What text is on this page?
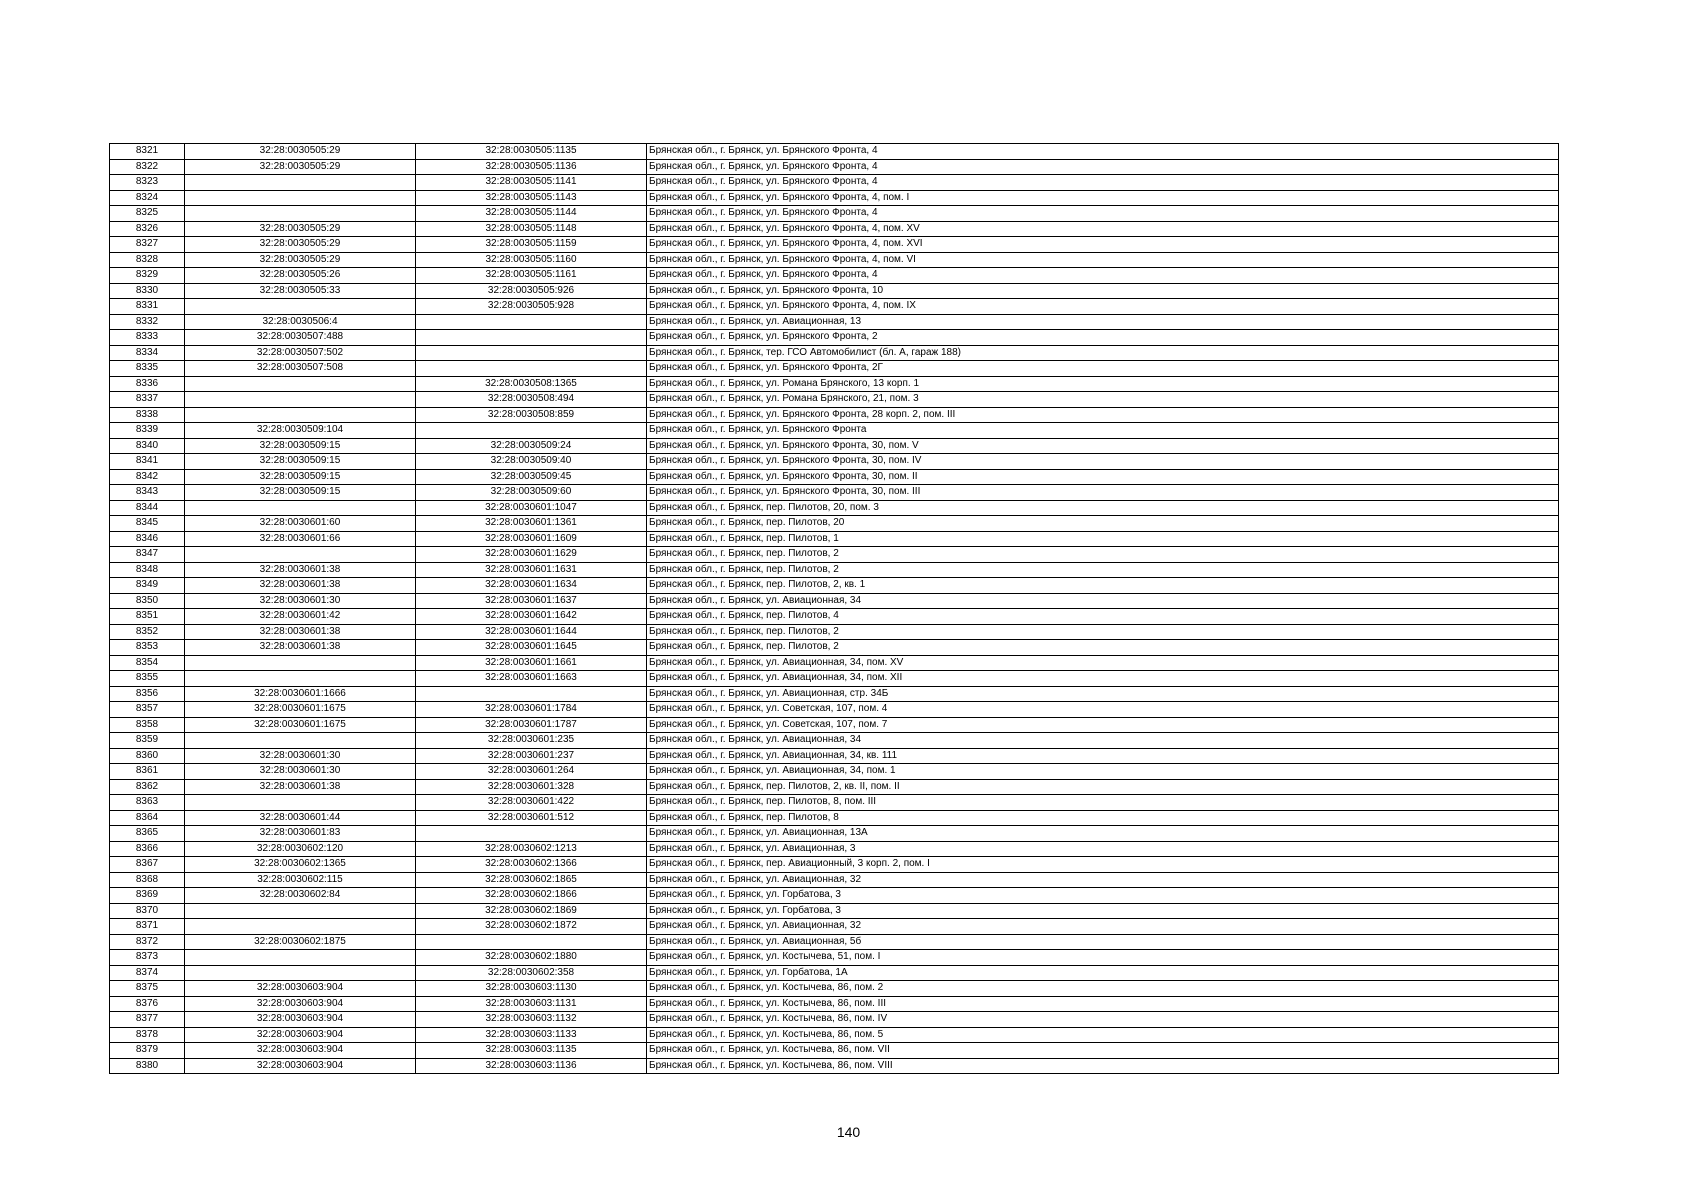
8321	32:28:0030505:29	32:28:0030505:1135	Брянская обл., г. Брянск, ул. Брянского Фронта, 4
8322	32:28:0030505:29	32:28:0030505:1136	Брянская обл., г. Брянск, ул. Брянского Фронта, 4
8323		32:28:0030505:1141	Брянская обл., г. Брянск, ул. Брянского Фронта, 4
8324		32:28:0030505:1143	Брянская обл., г. Брянск, ул. Брянского Фронта, 4, пом. I
8325		32:28:0030505:1144	Брянская обл., г. Брянск, ул. Брянского Фронта, 4
8326	32:28:0030505:29	32:28:0030505:1148	Брянская обл., г. Брянск, ул. Брянского Фронта, 4, пом. XV
8327	32:28:0030505:29	32:28:0030505:1159	Брянская обл., г. Брянск, ул. Брянского Фронта, 4, пом. XVI
8328	32:28:0030505:29	32:28:0030505:1160	Брянская обл., г. Брянск, ул. Брянского Фронта, 4, пом. VI
8329	32:28:0030505:26	32:28:0030505:1161	Брянская обл., г. Брянск, ул. Брянского Фронта, 4
8330	32:28:0030505:33	32:28:0030505:926	Брянская обл., г. Брянск, ул. Брянского Фронта, 10
8331		32:28:0030505:928	Брянская обл., г. Брянск, ул. Брянского Фронта, 4, пом. IX
8332	32:28:0030506:4		Брянская обл., г. Брянск, ул. Авиационная, 13
8333	32:28:0030507:488		Брянская обл., г. Брянск, ул. Брянского Фронта, 2
8334	32:28:0030507:502		Брянская обл., г. Брянск, тер. ГСО Автомобилист (бл. А, гараж 188)
8335	32:28:0030507:508		Брянская обл., г. Брянск, ул. Брянского Фронта, 2Г
8336		32:28:0030508:1365	Брянская обл., г. Брянск, ул. Романа Брянского, 13 корп. 1
8337		32:28:0030508:494	Брянская обл., г. Брянск, ул. Романа Брянского, 21, пом. 3
8338		32:28:0030508:859	Брянская обл., г. Брянск, ул. Брянского Фронта, 28 корп. 2, пом. III
8339	32:28:0030509:104		Брянская обл., г. Брянск, ул. Брянского Фронта
8340	32:28:0030509:15	32:28:0030509:24	Брянская обл., г. Брянск, ул. Брянского Фронта, 30, пом. V
8341	32:28:0030509:15	32:28:0030509:40	Брянская обл., г. Брянск, ул. Брянского Фронта, 30, пом. IV
8342	32:28:0030509:15	32:28:0030509:45	Брянская обл., г. Брянск, ул. Брянского Фронта, 30, пом. II
8343	32:28:0030509:15	32:28:0030509:60	Брянская обл., г. Брянск, ул. Брянского Фронта, 30, пом. III
8344		32:28:0030601:1047	Брянская обл., г. Брянск, пер. Пилотов, 20, пом. 3
8345	32:28:0030601:60	32:28:0030601:1361	Брянская обл., г. Брянск, пер. Пилотов, 20
8346	32:28:0030601:66	32:28:0030601:1609	Брянская обл., г. Брянск, пер. Пилотов, 1
8347		32:28:0030601:1629	Брянская обл., г. Брянск, пер. Пилотов, 2
8348	32:28:0030601:38	32:28:0030601:1631	Брянская обл., г. Брянск, пер. Пилотов, 2
8349	32:28:0030601:38	32:28:0030601:1634	Брянская обл., г. Брянск, пер. Пилотов, 2, кв. 1
8350	32:28:0030601:30	32:28:0030601:1637	Брянская обл., г. Брянск, ул. Авиационная, 34
8351	32:28:0030601:42	32:28:0030601:1642	Брянская обл., г. Брянск, пер. Пилотов, 4
8352	32:28:0030601:38	32:28:0030601:1644	Брянская обл., г. Брянск, пер. Пилотов, 2
8353	32:28:0030601:38	32:28:0030601:1645	Брянская обл., г. Брянск, пер. Пилотов, 2
8354		32:28:0030601:1661	Брянская обл., г. Брянск, ул. Авиационная, 34, пом. XV
8355		32:28:0030601:1663	Брянская обл., г. Брянск, ул. Авиационная, 34, пом. XII
8356	32:28:0030601:1666		Брянская обл., г. Брянск, ул. Авиационная, стр. 34Б
8357	32:28:0030601:1675	32:28:0030601:1784	Брянская обл., г. Брянск, ул. Советская, 107, пом. 4
8358	32:28:0030601:1675	32:28:0030601:1787	Брянская обл., г. Брянск, ул. Советская, 107, пом. 7
8359		32:28:0030601:235	Брянская обл., г. Брянск, ул. Авиационная, 34
8360	32:28:0030601:30	32:28:0030601:237	Брянская обл., г. Брянск, ул. Авиационная, 34, кв. 111
8361	32:28:0030601:30	32:28:0030601:264	Брянская обл., г. Брянск, ул. Авиационная, 34, пом. 1
8362	32:28:0030601:38	32:28:0030601:328	Брянская обл., г. Брянск, пер. Пилотов, 2, кв. II, пом. II
8363		32:28:0030601:422	Брянская обл., г. Брянск, пер. Пилотов, 8, пом. III
8364	32:28:0030601:44	32:28:0030601:512	Брянская обл., г. Брянск, пер. Пилотов, 8
8365	32:28:0030601:83		Брянская обл., г. Брянск, ул. Авиационная, 13А
8366	32:28:0030602:120	32:28:0030602:1213	Брянская обл., г. Брянск, ул. Авиационная, 3
8367	32:28:0030602:1365	32:28:0030602:1366	Брянская обл., г. Брянск, пер. Авиационный, 3 корп. 2, пом. I
8368	32:28:0030602:115	32:28:0030602:1865	Брянская обл., г. Брянск, ул. Авиационная, 32
8369	32:28:0030602:84	32:28:0030602:1866	Брянская обл., г. Брянск, ул. Горбатова, 3
8370		32:28:0030602:1869	Брянская обл., г. Брянск, ул. Горбатова, 3
8371		32:28:0030602:1872	Брянская обл., г. Брянск, ул. Авиационная, 32
8372	32:28:0030602:1875		Брянская обл., г. Брянск, ул. Авиационная, 5б
8373		32:28:0030602:1880	Брянская обл., г. Брянск, ул. Костычева, 51, пом. I
8374		32:28:0030602:358	Брянская обл., г. Брянск, ул. Горбатова, 1А
8375	32:28:0030603:904	32:28:0030603:1130	Брянская обл., г. Брянск, ул. Костычева, 86, пом. 2
8376	32:28:0030603:904	32:28:0030603:1131	Брянская обл., г. Брянск, ул. Костычева, 86, пом. III
8377	32:28:0030603:904	32:28:0030603:1132	Брянская обл., г. Брянск, ул. Костычева, 86, пом. IV
8378	32:28:0030603:904	32:28:0030603:1133	Брянская обл., г. Брянск, ул. Костычева, 86, пом. 5
8379	32:28:0030603:904	32:28:0030603:1135	Брянская обл., г. Брянск, ул. Костычева, 86, пом. VII
8380	32:28:0030603:904	32:28:0030603:1136	Брянская обл., г. Брянск, ул. Костычева, 86, пом. VIII
140
